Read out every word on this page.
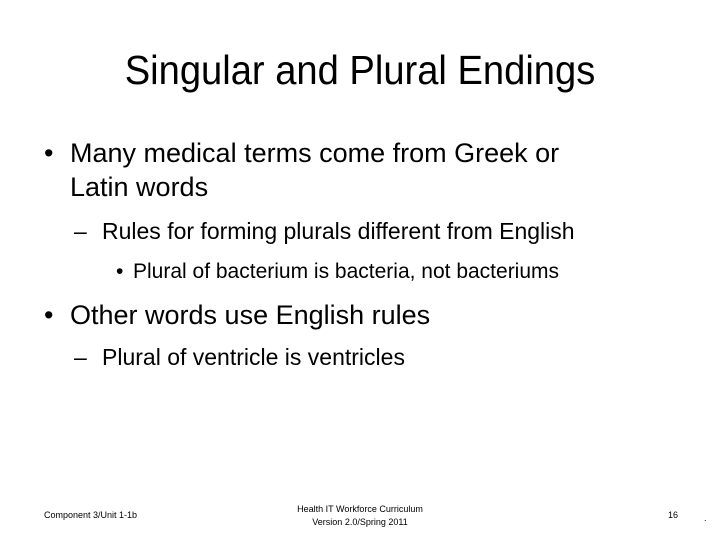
Singular and Plural Endings
• Many medical terms come from Greek or
Latin words
– Rules for forming plurals different from English
• Plural of bacterium is bacteria, not bacteriums
• Other words use English rules
– Plural of ventricle is ventricles
Component 3/Unit 1-1b
Health IT Workforce Curriculum
Version 2.0/Spring 2011
16	.
